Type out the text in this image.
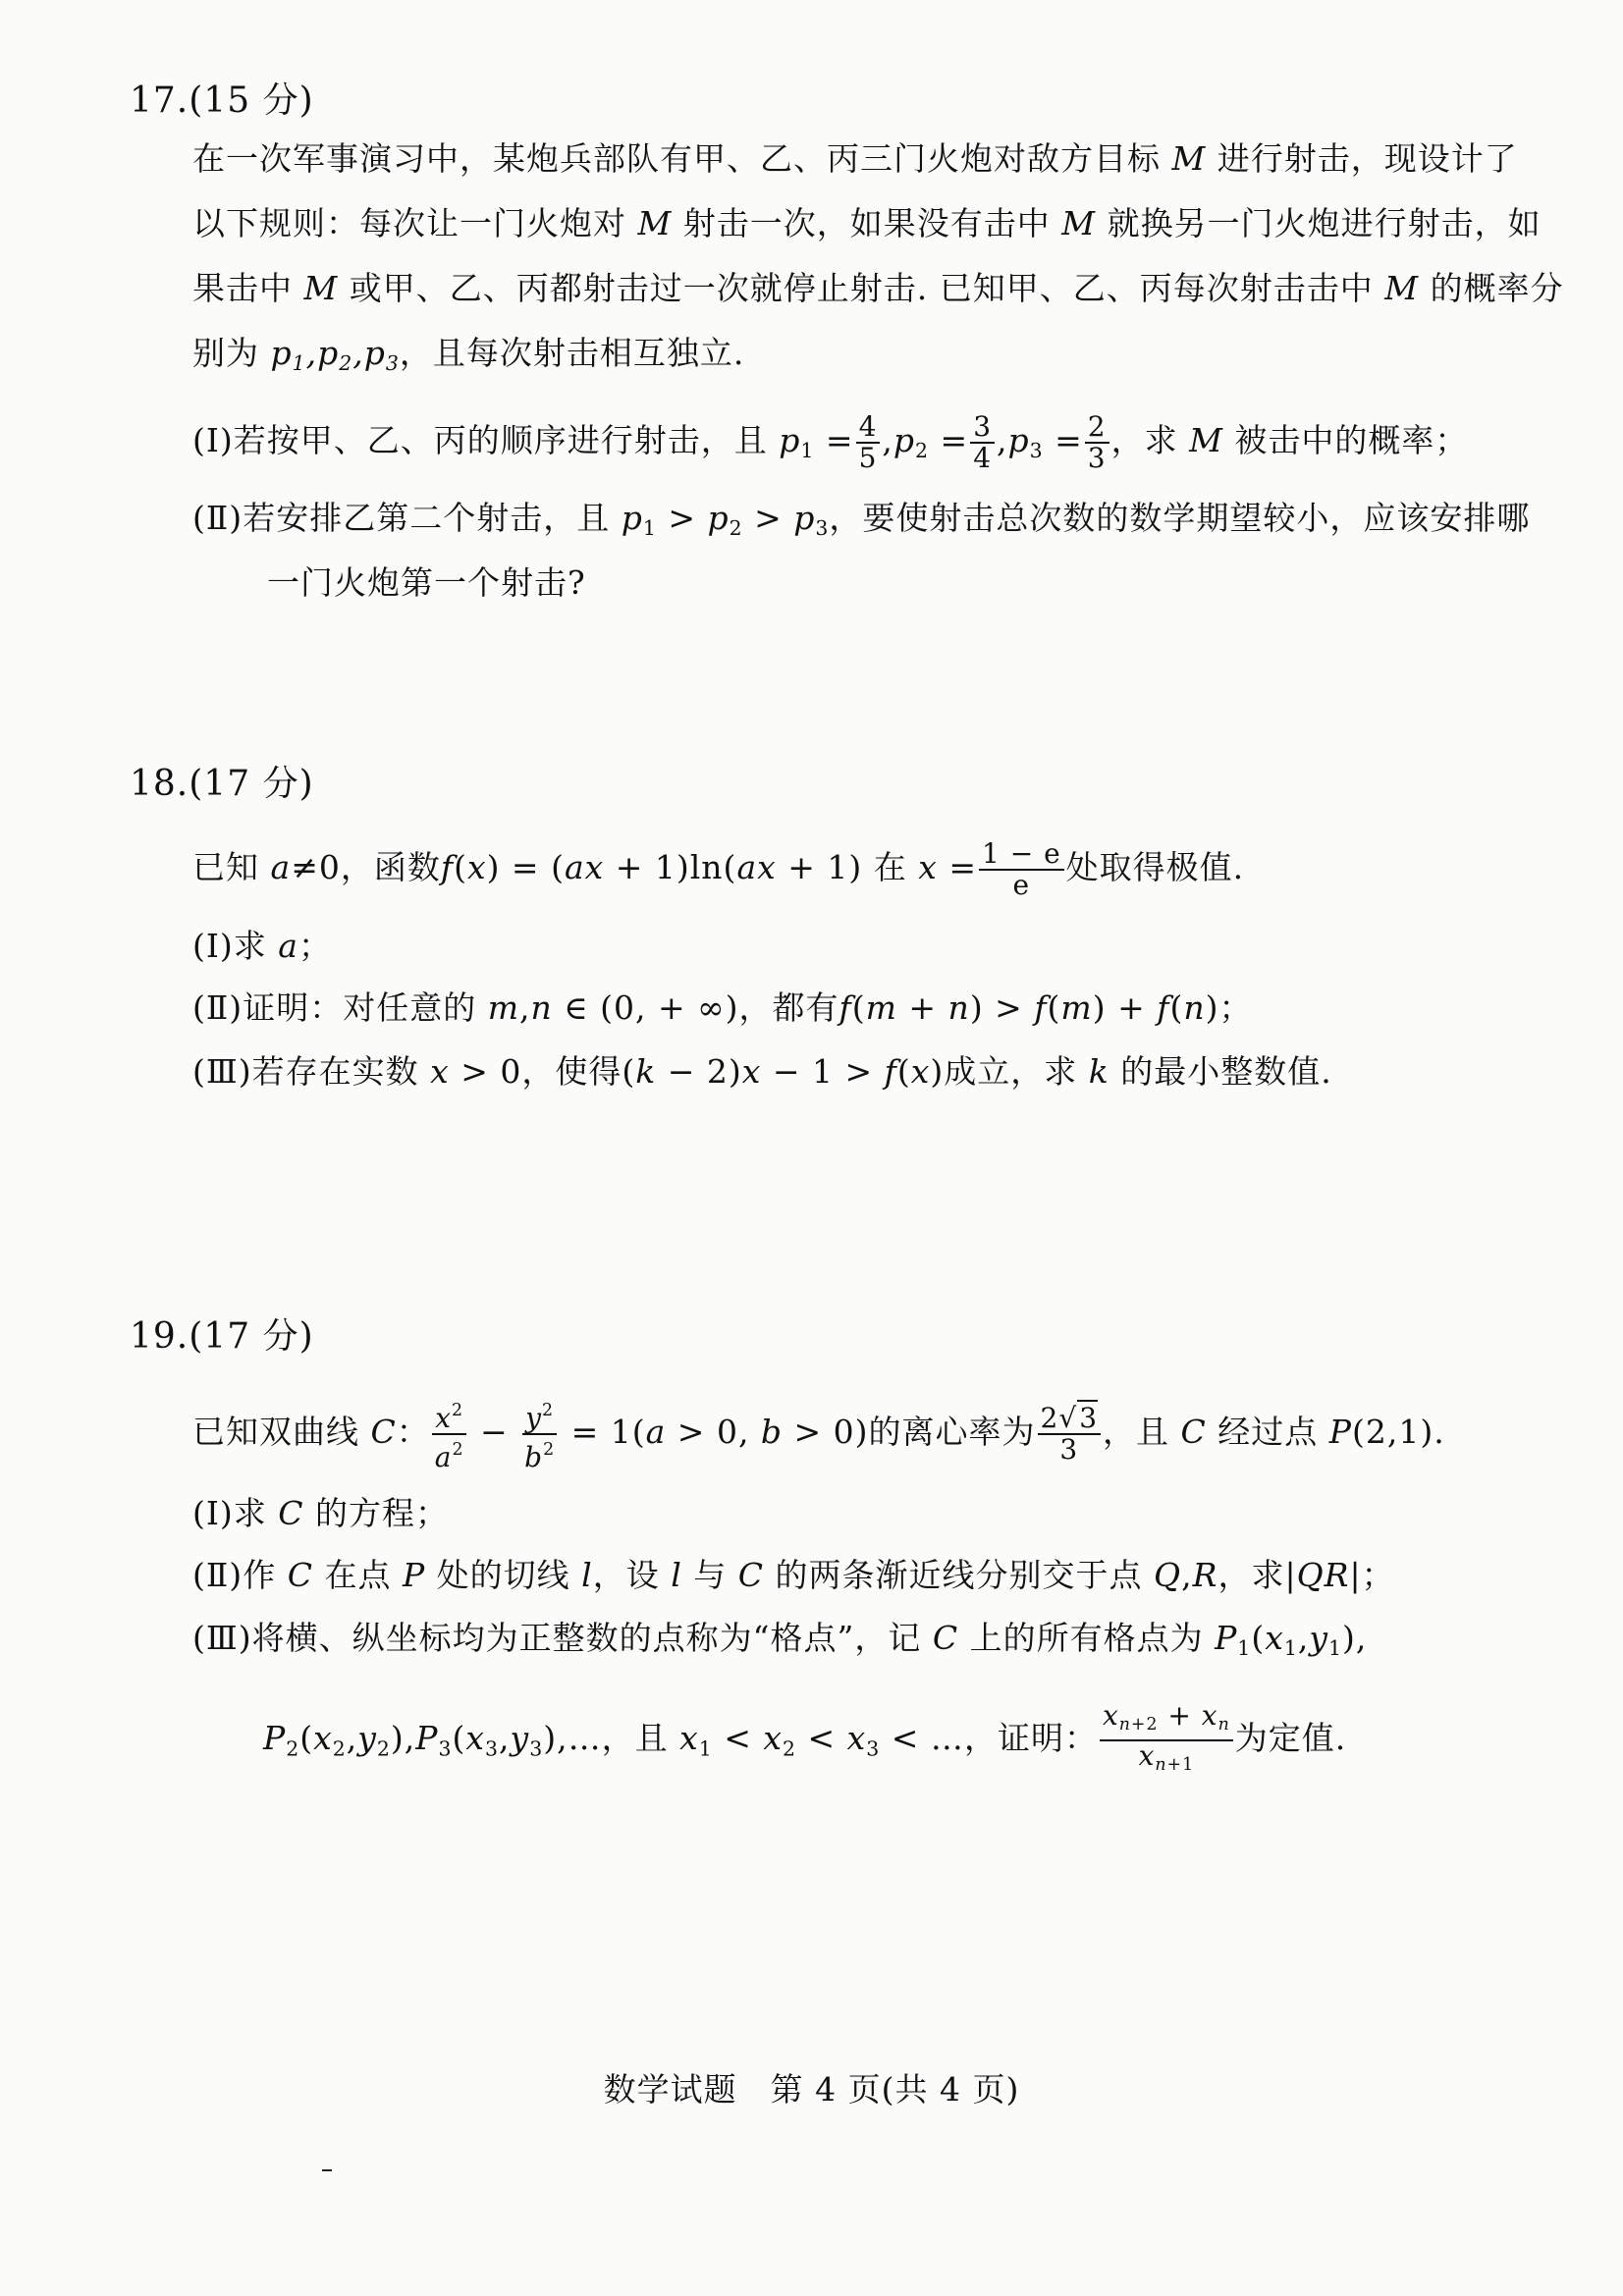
17.(15 分)
在一次军事演习中，某炮兵部队有甲、乙、丙三门火炮对敌方目标 M 进行射击，现设计了
以下规则：每次让一门火炮对 M 射击一次，如果没有击中 M 就换另一门火炮进行射击，如
果击中 M 或甲、乙、丙都射击过一次就停止射击. 已知甲、乙、丙每次射击击中 M 的概率分
别为 $p_1,p_2,p_3$，且每次射击相互独立.
(Ⅰ)若按甲、乙、丙的顺序进行射击，且 $p_1 = \frac{4}{5} ,p_2 = \frac{3}{4} ,p_3 = \frac{2}{3}$ ，求 M 被击中的概率；
(Ⅱ)若安排乙第二个射击，且 $p_1 > p_2 > p_3$，要使射击总次数的数学期望较小，应该安排哪
一门火炮第一个射击?
18.(17 分)
已知 a≠0，函数f(x) = (ax + 1)ln(ax + 1) 在 $x = \frac{1 - e}{e}$ 处取得极值.
(Ⅰ)求 a；
(Ⅱ)证明：对任意的 m,n ∈ (0, + ∞)，都有f(m + n) > f(m) + f(n)；
(Ⅲ)若存在实数 x > 0，使得(k − 2)x − 1 > f(x)成立，求 k 的最小整数值.
19.(17 分)
已知双曲线 C： $\frac{x^2}{a^2} - \frac{y^2}{b^2} = 1(a > 0$, b > 0)的离心率为 $\frac{2√3}{3}$ ，且 C 经过点 P(2,1).
(Ⅰ)求 C 的方程；
(Ⅱ)作 C 在点 P 处的切线 l，设 l 与 C 的两条渐近线分别交于点 Q,R，求|QR|；
(Ⅲ)将横、纵坐标均为正整数的点称为“格点”，记 C 上的所有格点为 $P_1(x_1,y_1)$,
$P_2(x_2,y_2),P_3(x_3,y_3),\dots$，且 $x_1 < x_2 < x_3$ < …，证明： $\frac{x_{n+2} + x_n}{x_{n+1}}$ 为定值.
数学试题　第 4 页(共 4 页)
